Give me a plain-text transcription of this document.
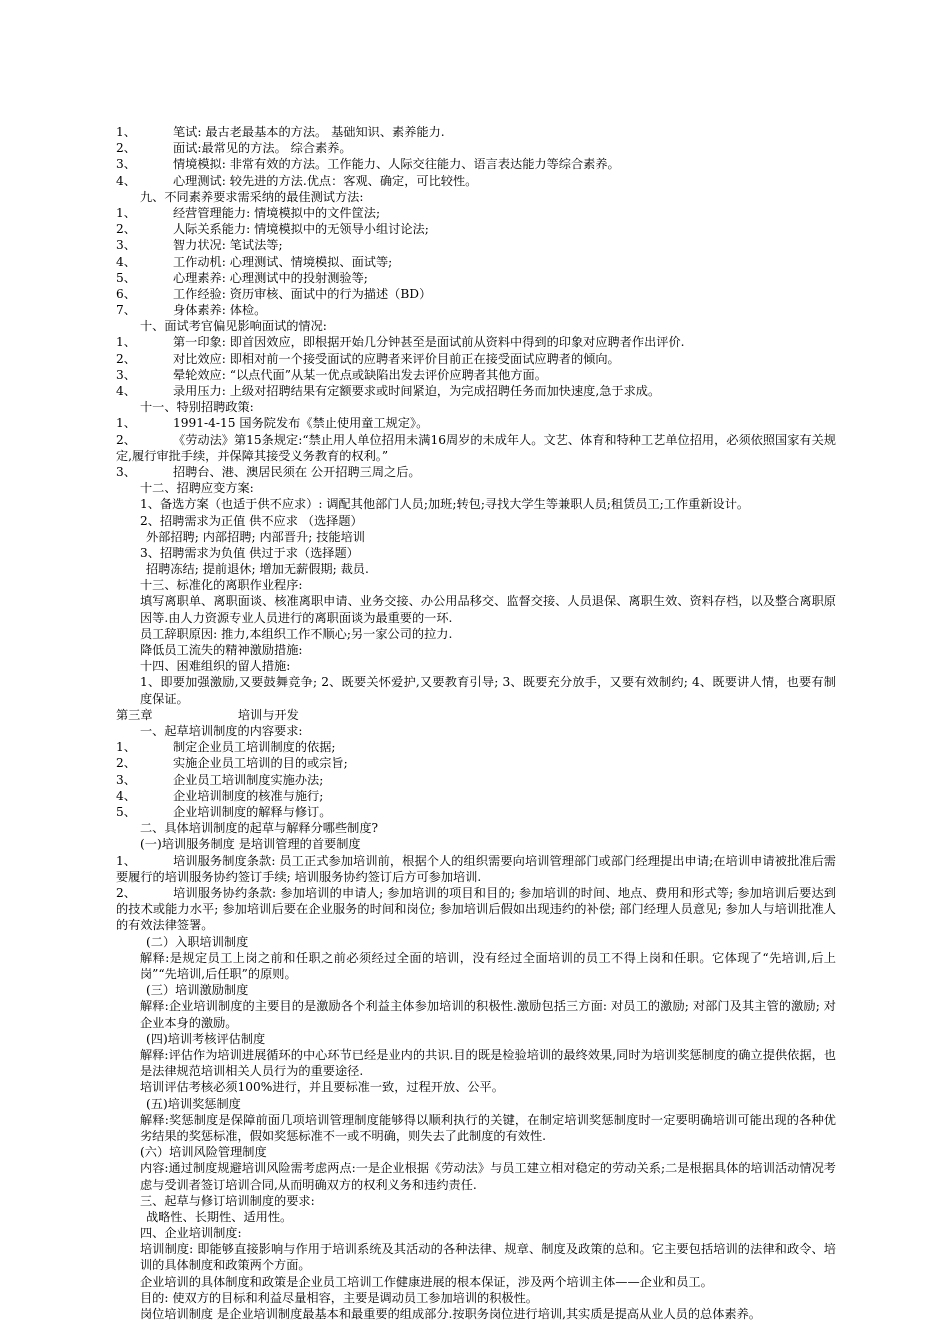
1、	笔试: 最古老最基本的方法。 基础知识、素养能力.
2、	面试:最常见的方法。 综合素养。
3、	情境模拟: 非常有效的方法。工作能力、人际交往能力、语言表达能力等综合素养。
4、	心理测试: 较先进的方法.优点：客观、确定，可比较性。
九、不同素养要求需采纳的最佳测试方法:
1、	经营管理能力: 情境模拟中的文件筐法;
2、	人际关系能力: 情境模拟中的无领导小组讨论法;
3、	智力状况: 笔试法等;
4、	工作动机: 心理测试、情境模拟、面试等;
5、	心理素养: 心理测试中的投射测验等;
6、	工作经验: 资历审核、面试中的行为描述（BD）
7、	身体素养: 体检。
十、面试考官偏见影响面试的情况:
1、	第一印象: 即首因效应，即根据开始几分钟甚至是面试前从资料中得到的印象对应聘者作出评价.
2、	对比效应: 即相对前一个接受面试的应聘者来评价目前正在接受面试应聘者的倾向。
3、	晕轮效应: “以点代面”从某一优点或缺陷出发去评价应聘者其他方面。
4、	录用压力: 上级对招聘结果有定额要求或时间紧迫，为完成招聘任务而加快速度,急于求成。
十一、特别招聘政策:
1、	1991-4-15 国务院发布《禁止使用童工规定》。
2、	《劳动法》第15条规定:“禁止用人单位招用未满16周岁的未成年人。文艺、体育和特种工艺单位招用，必须依照国家有关规定,履行审批手续，并保障其接受义务教育的权利。”
3、	招聘台、港、澳居民须在 公开招聘三周之后。
十二、招聘应变方案:
1、备选方案（也适于供不应求）: 调配其他部门人员;加班;转包;寻找大学生等兼职人员;租赁员工;工作重新设计。
2、招聘需求为正值 供不应求 （选择题）
外部招聘; 内部招聘; 内部晋升; 技能培训
3、招聘需求为负值 供过于求（选择题）
招聘冻结; 提前退休; 增加无薪假期; 裁员.
十三、标准化的离职作业程序:
填写离职单、离职面谈、核准离职申请、业务交接、办公用品移交、监督交接、人员退保、离职生效、资料存档，以及整合离职原因等.由人力资源专业人员进行的离职面谈为最重要的一环.
员工辞职原因: 推力,本组织工作不顺心;另一家公司的拉力.
降低员工流失的精神激励措施:
十四、困难组织的留人措施:
1、即要加强激励,又要鼓舞竞争; 2、既要关怀爱护,又要教育引导; 3、既要充分放手，又要有效制约; 4、既要讲人情，也要有制度保证。
第三章　　　　　　　培训与开发
一、起草培训制度的内容要求:
1、	制定企业员工培训制度的依据;
2、	实施企业员工培训的目的或宗旨;
3、	企业员工培训制度实施办法;
4、	企业培训制度的核准与施行;
5、	企业培训制度的解释与修订。
二、具体培训制度的起草与解释分哪些制度?
(一)培训服务制度 是培训管理的首要制度
1、	培训服务制度条款: 员工正式参加培训前，根据个人的组织需要向培训管理部门或部门经理提出申请;在培训申请被批准后需要履行的培训服务协约签订手续; 培训服务协约签订后方可参加培训.
2、	培训服务协约条款: 参加培训的申请人; 参加培训的项目和目的; 参加培训的时间、地点、费用和形式等; 参加培训后要达到的技术或能力水平; 参加培训后要在企业服务的时间和岗位; 参加培训后假如出现违约的补偿; 部门经理人员意见; 参加人与培训批准人的有效法律签署。
(二）入职培训制度
解释:是规定员工上岗之前和任职之前必须经过全面的培训，没有经过全面培训的员工不得上岗和任职。它体现了“先培训,后上岗”“先培训,后任职”的原则。
(三）培训激励制度
解释:企业培训制度的主要目的是激励各个利益主体参加培训的积极性.激励包括三方面: 对员工的激励; 对部门及其主管的激励; 对企业本身的激励。
(四)培训考核评估制度
解释:评估作为培训进展循环的中心环节已经是业内的共识.目的既是检验培训的最终效果,同时为培训奖惩制度的确立提供依据，也是法律规范培训相关人员行为的重要途径.
培训评估考核必须100%进行，并且要标准一致，过程开放、公平。
(五)培训奖惩制度
解释:奖惩制度是保障前面几项培训管理制度能够得以顺利执行的关键，在制定培训奖惩制度时一定要明确培训可能出现的各种优劣结果的奖惩标准，假如奖惩标准不一或不明确，则失去了此制度的有效性.
(六）培训风险管理制度
内容:通过制度规避培训风险需考虑两点:一是企业根据《劳动法》与员工建立相对稳定的劳动关系;二是根据具体的培训活动情况考虑与受训者签订培训合同,从而明确双方的权利义务和违约责任.
三、起草与修订培训制度的要求:
战略性、长期性、适用性。
四、企业培训制度:
培训制度: 即能够直接影响与作用于培训系统及其活动的各种法律、规章、制度及政策的总和。它主要包括培训的法律和政令、培训的具体制度和政策两个方面。
企业培训的具体制度和政策是企业员工培训工作健康进展的根本保证，涉及两个培训主体——企业和员工。
目的: 使双方的目标和利益尽量相容，主要是调动员工参加培训的积极性。
岗位培训制度 是企业培训制度最基本和最重要的组成部分.按职务岗位进行培训,其实质是提高从业人员的总体素养。
